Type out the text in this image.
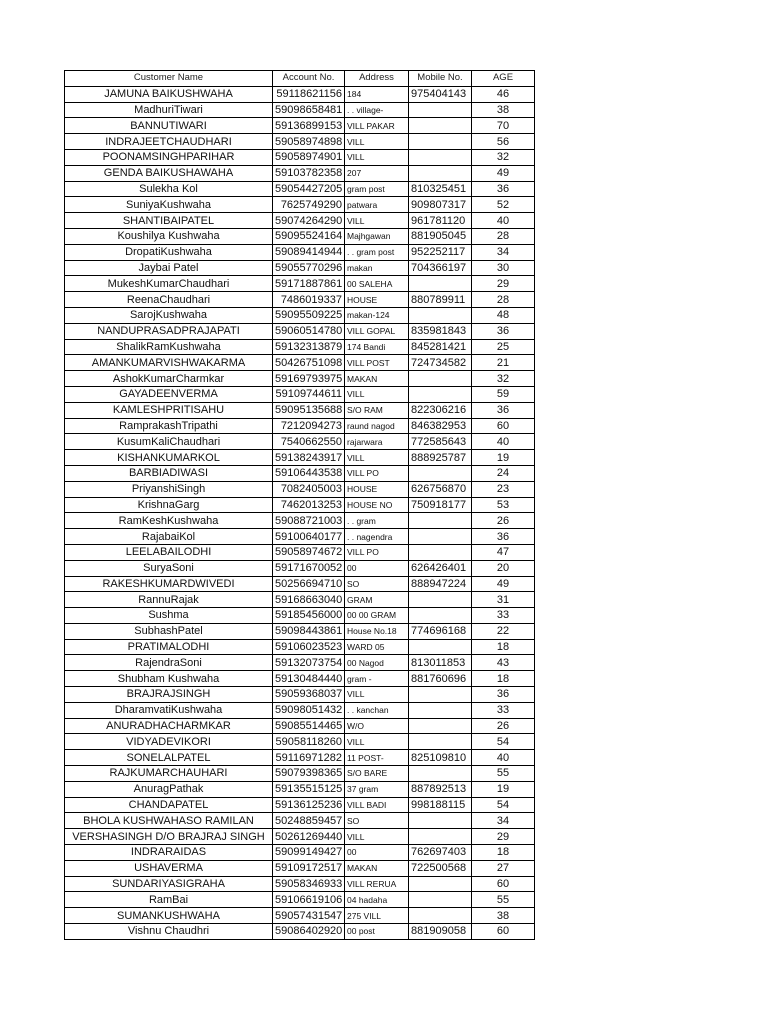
Customer Name	Account No.	Address	Mobile No.	AGE
JAMUNA BAIKUSHWAHA	59118621156	184	975404143	46
MadhuriTiwari	59098658481	. . village-		38
BANNUTIWARI	59136899153	VILL PAKAR		70
INDRAJEETCHAUDHARI	59058974898	VILL		56
POONAMSINGHPARIHAR	59058974901	VILL		32
GENDA BAIKUSHAWAHA	59103782358	207		49
Sulekha Kol	59054427205	gram post	810325451	36
SuniyaKushwaha	7625749290	patwara	909807317	52
SHANTIBAIPATEL	59074264290	VILL	961781120	40
Koushilya Kushwaha	59095524164	Majhgawan	881905045	28
DropatiKushwaha	59089414944	. . gram post	952252117	34
Jaybai Patel	59055770296	makan	704366197	30
MukeshKumarChaudhari	59171887861	00 SALEHA		29
ReenaChaudhari	7486019337	HOUSE	880789911	28
SarojKushwaha	59095509225	makan-124		48
NANDUPRASADPRAJAPATI	59060514780	VILL GOPAL	835981843	36
ShalikRamKushwaha	59132313879	174 Bandi	845281421	25
AMANKUMARVISHWAKARMA	50426751098	VILL POST	724734582	21
AshokKumarCharmkar	59169793975	MAKAN		32
GAYADEENVERMA	59109744611	VILL		59
KAMLESHPRITISAHU	59095135688	S/O RAM	822306216	36
RamprakashTripathi	7212094273	raund nagod	846382953	60
KusumKaliChaudhari	7540662550	rajarwara	772585643	40
KISHANKUMARKOL	59138243917	VILL	888925787	19
BARBIADIWASI	59106443538	VILL PO		24
PriyanshiSingh	7082405003	HOUSE	626756870	23
KrishnaGarg	7462013253	HOUSE NO	750918177	53
RamKeshKushwaha	59088721003	. . gram		26
RajabaiKol	59100640177	. . nagendra		36
LEELABAILODHI	59058974672	VILL PO		47
SuryaSoni	59171670052	00	626426401	20
RAKESHKUMARDWIVEDI	50256694710	SO	888947224	49
RannuRajak	59168663040	GRAM		31
Sushma	59185456000	00 00 GRAM		33
SubhashPatel	59098443861	House No.18	774696168	22
PRATIMALODHI	59106023523	WARD 05		18
RajendraSoni	59132073754	00 Nagod	813011853	43
Shubham Kushwaha	59130484440	gram -	881760696	18
BRAJRAJSINGH	59059368037	VILL		36
DharamvatiKushwaha	59098051432	. . kanchan		33
ANURADHACHARMKAR	59085514465	W/O		26
VIDYADEVIKORI	59058118260	VILL		54
SONELALPATEL	59116971282	11 POST-	825109810	40
RAJKUMARCHAUHARI	59079398365	S/O BARE		55
AnuragPathak	59135515125	37 gram	887892513	19
CHANDAPATEL	59136125236	VILL BADI	998188115	54
BHOLA KUSHWAHASO RAMILAN	50248859457	SO		34
VERSHASINGH D/O BRAJRAJ SINGH	50261269440	VILL		29
INDRARAIDAS	59099149427	00	762697403	18
USHAVERMA	59109172517	MAKAN	722500568	27
SUNDARIYASIGRAHA	59058346933	VILL RERUA		60
RamBai	59106619106	04 hadaha		55
SUMANKUSHWAHA	59057431547	275 VILL		38
Vishnu Chaudhri	59086402920	00 post	881909058	60
